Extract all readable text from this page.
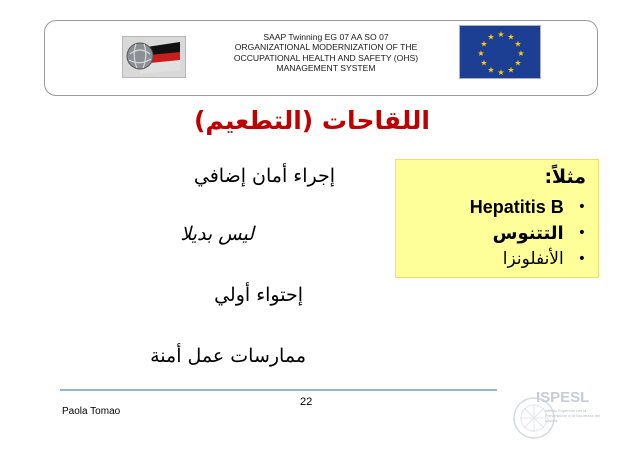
SAAP Twinning EG 07 AA SO 07
ORGANIZATIONAL MODERNIZATION OF THE
OCCUPATIONAL HEALTH AND SAFETY (OHS)
MANAGEMENT SYSTEM
★ ★
★
★
★
★
★
★
★
★
★
★
اللقاحات (التطعيم)
إجراء أمان إضافي
ليس بديلا
إحتواء أولي
ممارسات عمل أمنة
مثلاً:
•
Hepatitis B
•
التتنوس
•
الأنفلونزا
22
Paola Tomao
ISPESL
Istituto Superiore per la Prevenzione e la Sicurezza del Lavoro
